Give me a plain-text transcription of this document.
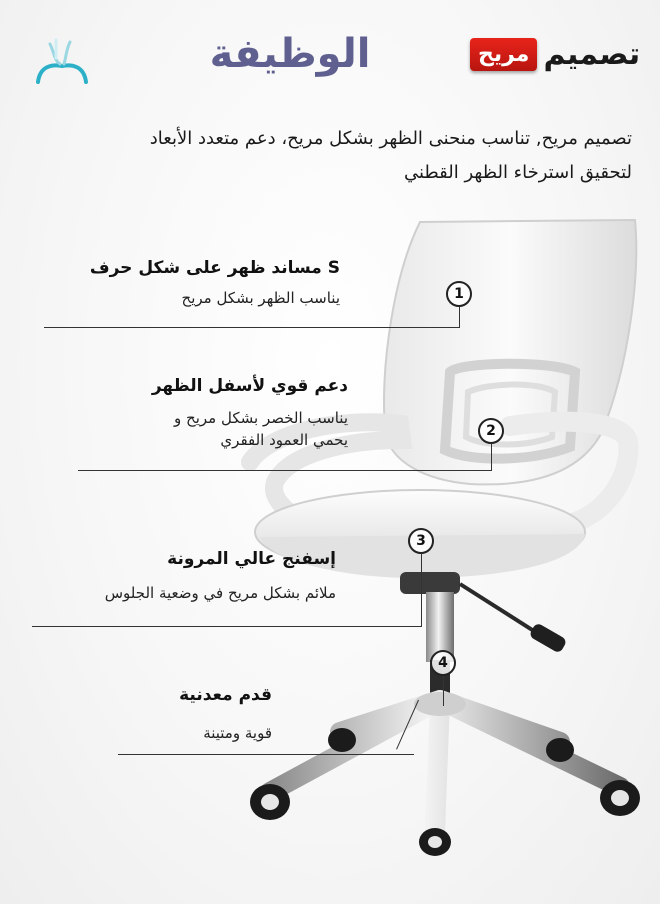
الوظيفة	تصميم
مريح
تصميم مريح, تناسب منحنى الظهر بشكل مريح، دعم متعدد الأبعاد
لتحقيق استرخاء الظهر القطني
S مساند ظهر على شكل حرف
يناسب الظهر بشكل مريح	1
دعم قوي لأسفل الظهر
يناسب الخصر بشكل مريح و
يحمي العمود الفقري	2
إسفنج عالي المرونة
ملائم بشكل مريح في وضعية الجلوس
3
قدم معدنية
قوية ومتينة
4
